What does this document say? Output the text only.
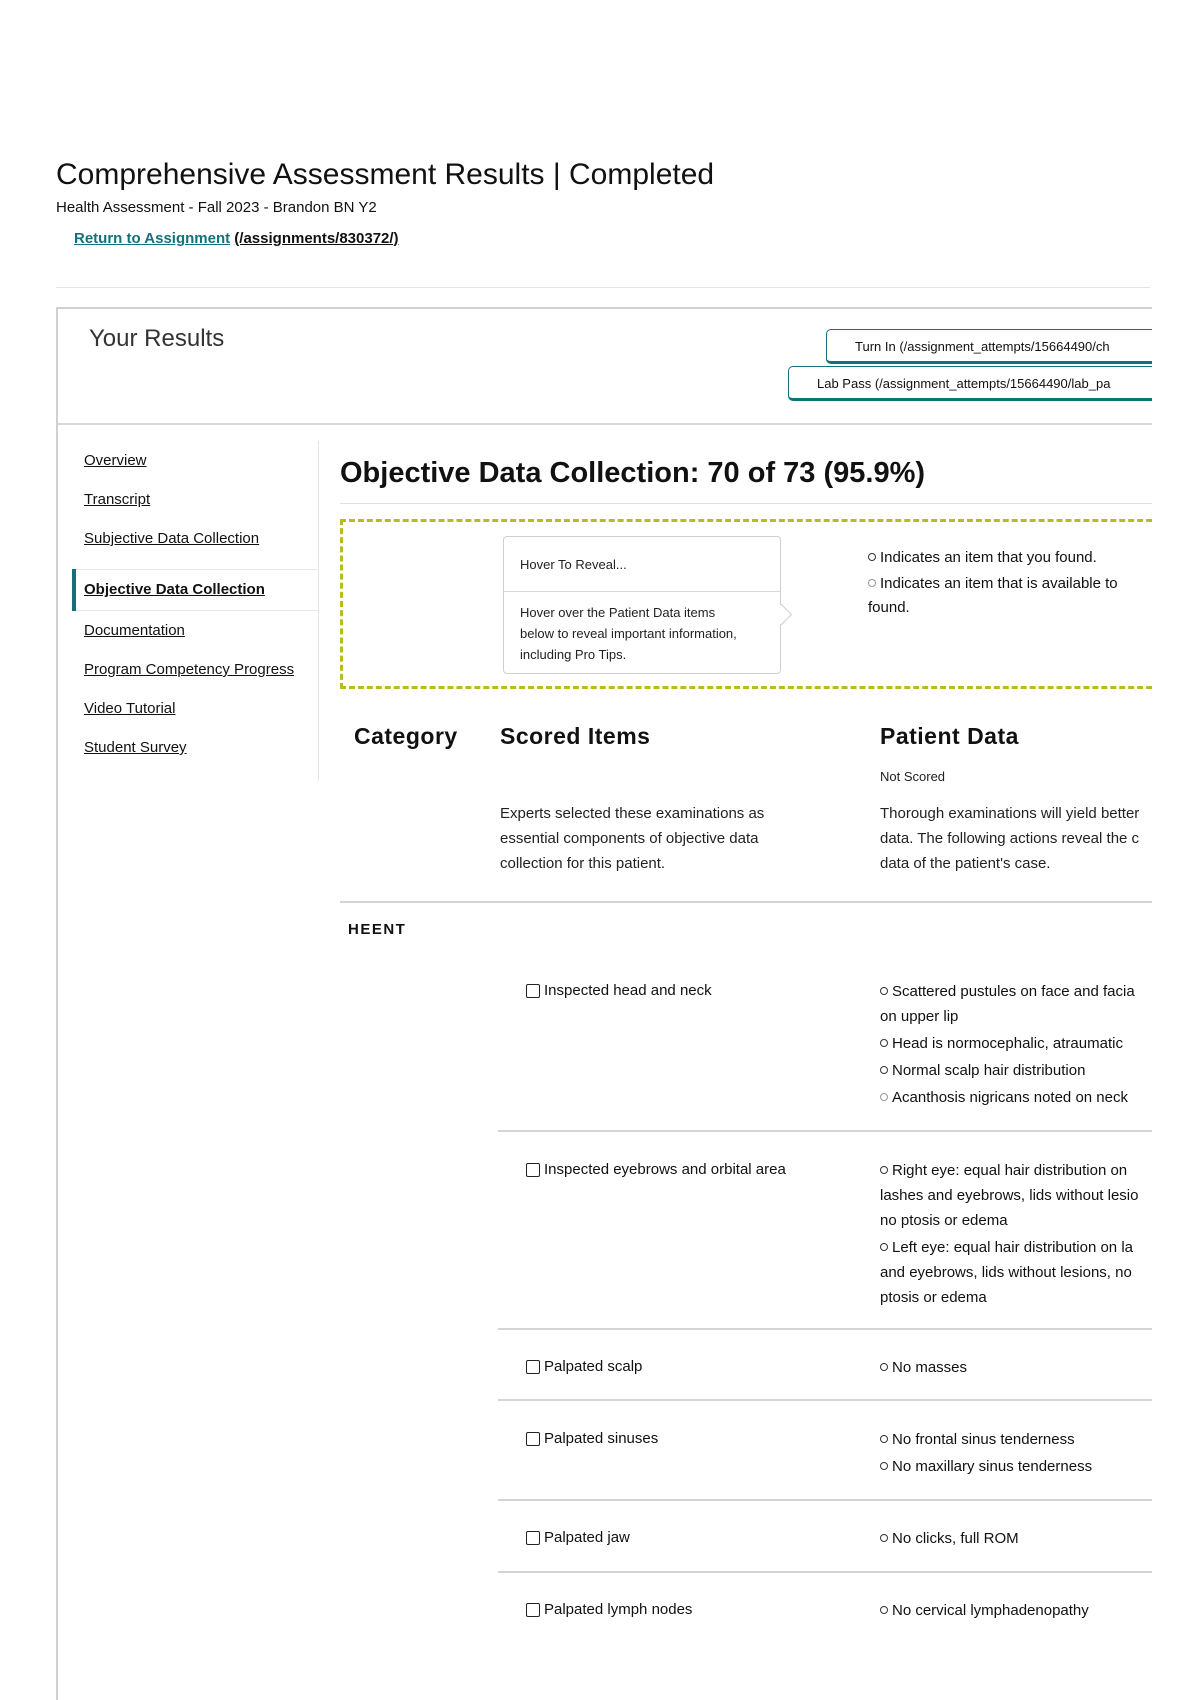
Comprehensive Assessment Results | Completed
Health Assessment - Fall 2023 - Brandon BN Y2
Return to Assignment (/assignments/830372/)
Your Results	Turn In (/assignment_attempts/15664490/ch
Lab Pass (/assignment_attempts/15664490/lab_pa
Overview
Transcript
Subjective Data Collection
Objective Data Collection
Documentation
Program Competency Progress
Video Tutorial
Student Survey
Objective Data Collection: 70 of 73 (95.9%)
Hover To Reveal...
Hover over the Patient Data items
below to reveal important information,
including Pro Tips.
Indicates an item that you found.
Indicates an item that is available to
found.
Category Scored Items	Patient Data
Not Scored
Experts selected these examinations as
essential components of objective data
collection for this patient.
Thorough examinations will yield better
data. The following actions reveal the c
data of the patient's case.
HEENT
Inspected head and neck	Scattered pustules on face and facia
on upper lip
Head is normocephalic, atraumatic
Normal scalp hair distribution
Acanthosis nigricans noted on neck
Inspected eyebrows and orbital area	Right eye: equal hair distribution on
lashes and eyebrows, lids without lesio
no ptosis or edema
Left eye: equal hair distribution on la
and eyebrows, lids without lesions, no
ptosis or edema
Palpated scalp	No masses
Palpated sinuses	No frontal sinus tenderness
No maxillary sinus tenderness
Palpated jaw	No clicks, full ROM
Palpated lymph nodes	No cervical lymphadenopathy
